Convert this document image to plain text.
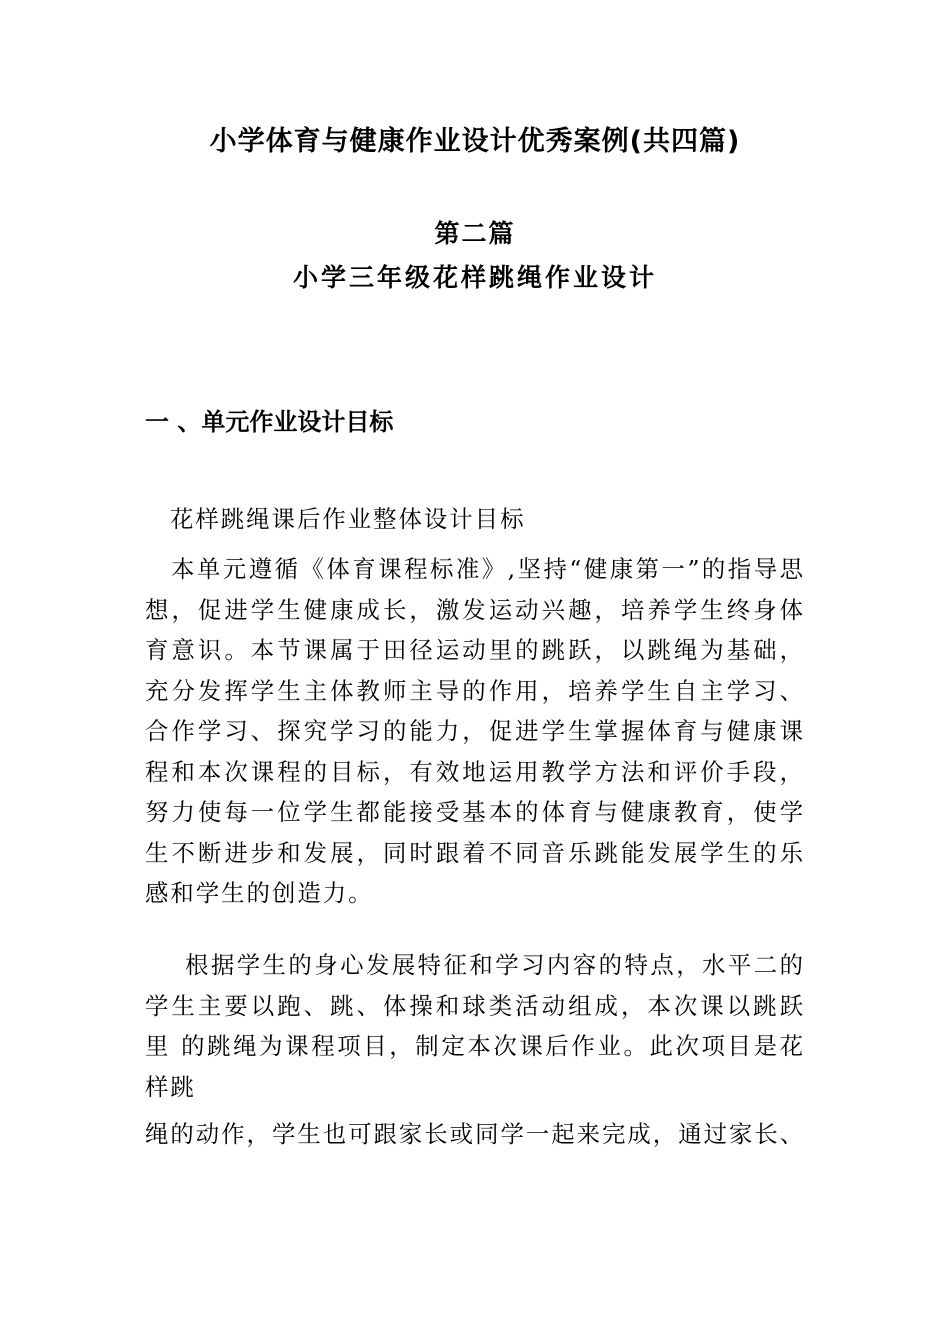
小学体育与健康作业设计优秀案例(共四篇)
第二篇
小学三年级花样跳绳作业设计
一 、单元作业设计目标
花样跳绳课后作业整体设计目标
本单元遵循《体育课程标准》,坚持“健康第一”的指导思想，促进学生健康成长，激发运动兴趣，培养学生终身体育意识。本节课属于田径运动里的跳跃，以跳绳为基础，充分发挥学生主体教师主导的作用，培养学生自主学习、合作学习、探究学习的能力，促进学生掌握体育与健康课程和本次课程的目标，有效地运用教学方法和评价手段，努力使每一位学生都能接受基本的体育与健康教育，使学生不断进步和发展，同时跟着不同音乐跳能发展学生的乐感和学生的创造力。
根据学生的身心发展特征和学习内容的特点，水平二的学生主要以跑、跳、体操和球类活动组成，本次课以跳跃里 的跳绳为课程项目，制定本次课后作业。此次项目是花样跳
绳的动作，学生也可跟家长或同学一起来完成，通过家长、
